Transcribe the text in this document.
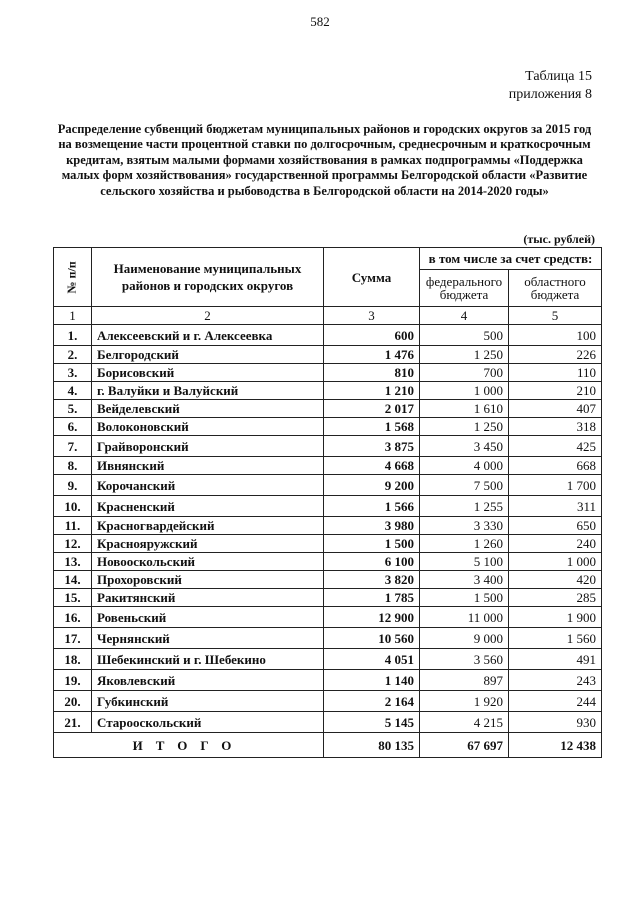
582
Таблица 15
приложения 8
Распределение субвенций бюджетам муниципальных районов и городских округов за 2015 год на возмещение части процентной ставки по долгосрочным, среднесрочным и краткосрочным кредитам, взятым малыми формами хозяйствования в рамках подпрограммы «Поддержка малых форм хозяйствования» государственной программы Белгородской области «Развитие сельского хозяйства и рыбоводства в Белгородской области на 2014-2020 годы»
(тыс. рублей)
№ п/п	Наименование муниципальных районов и городских округов	Сумма	в том числе за счет средств:	
			федерального бюджета	областного бюджета
1	2	3	4	5
1.	Алексеевский и г. Алексеевка	600	500	100
2.	Белгородский	1 476	1 250	226
3.	Борисовский	810	700	110
4.	г. Валуйки и Валуйский	1 210	1 000	210
5.	Вейделевский	2 017	1 610	407
6.	Волоконовский	1 568	1 250	318
7.	Грайворонский	3 875	3 450	425
8.	Ивнянский	4 668	4 000	668
9.	Корочанский	9 200	7 500	1 700
10.	Красненский	1 566	1 255	311
11.	Красногвардейский	3 980	3 330	650
12.	Краснояружский	1 500	1 260	240
13.	Новооскольский	6 100	5 100	1 000
14.	Прохоровский	3 820	3 400	420
15.	Ракитянский	1 785	1 500	285
16.	Ровеньский	12 900	11 000	1 900
17.	Чернянский	10 560	9 000	1 560
18.	Шебекинский и г. Шебекино	4 051	3 560	491
19.	Яковлевский	1 140	897	243
20.	Губкинский	2 164	1 920	244
21.	Старооскольский	5 145	4 215	930
ИТОГО		80 135	67 697	12 438
